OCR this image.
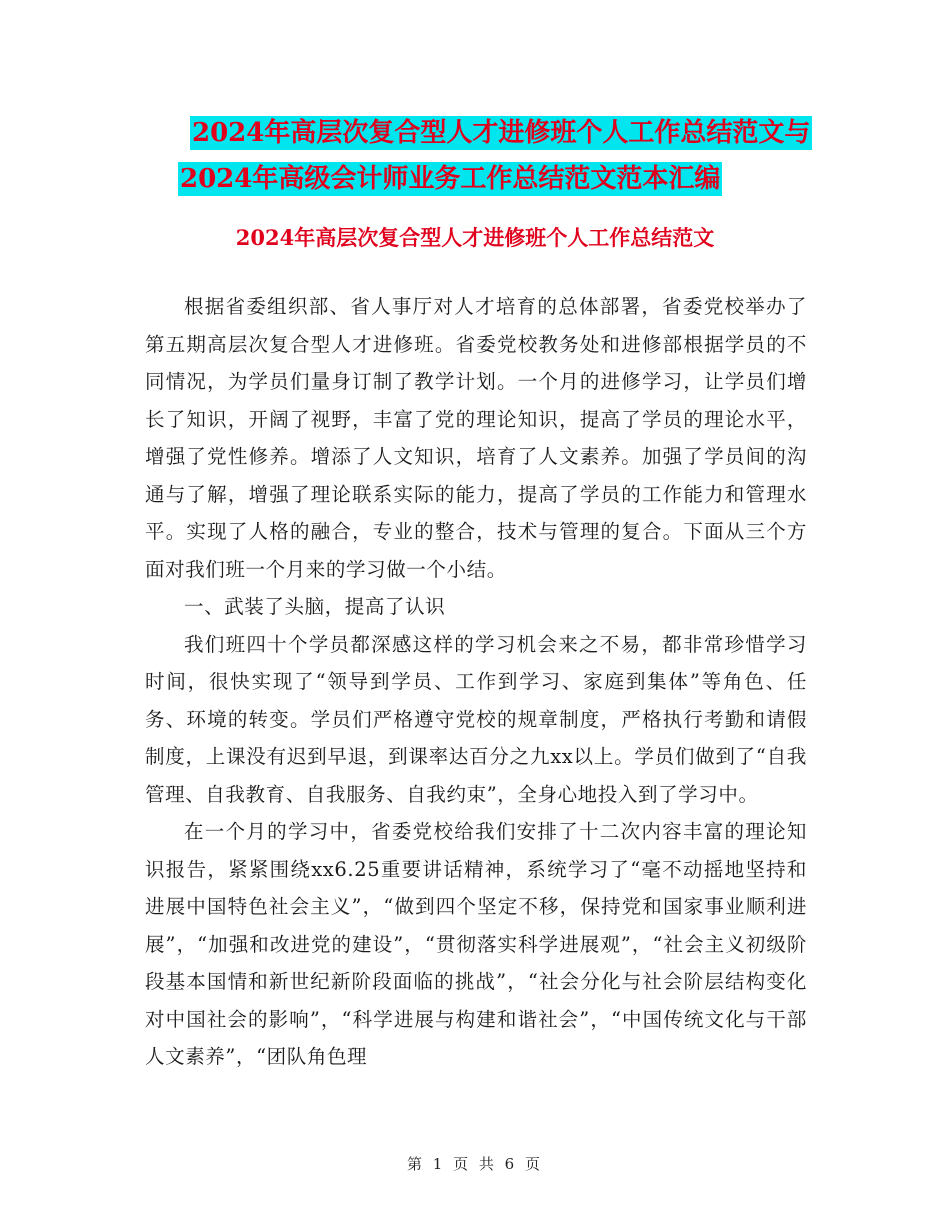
2024年高层次复合型人才进修班个人工作总结范文与
2024年高级会计师业务工作总结范文范本汇编
2024年高层次复合型人才进修班个人工作总结范文

根据省委组织部、省人事厅对人才培育的总体部署，省委党校举办了第五期高层次复合型人才进修班。省委党校教务处和进修部根据学员的不同情况，为学员们量身订制了教学计划。一个月的进修学习，让学员们增长了知识，开阔了视野，丰富了党的理论知识，提高了学员的理论水平，增强了党性修养。增添了人文知识，培育了人文素养。加强了学员间的沟通与了解，增强了理论联系实际的能力，提高了学员的工作能力和管理水平。实现了人格的融合，专业的整合，技术与管理的复合。下面从三个方面对我们班一个月来的学习做一个小结。

一、武装了头脑，提高了认识

我们班四十个学员都深感这样的学习机会来之不易，都非常珍惜学习时间，很快实现了“领导到学员、工作到学习、家庭到集体”等角色、任务、环境的转变。学员们严格遵守党校的规章制度，严格执行考勤和请假制度，上课没有迟到早退，到课率达百分之九xx以上。学员们做到了“自我管理、自我教育、自我服务、自我约束”，全身心地投入到了学习中。

在一个月的学习中，省委党校给我们安排了十二次内容丰富的理论知识报告，紧紧围绕xx6.25重要讲话精神，系统学习了“毫不动摇地坚持和进展中国特色社会主义”，“做到四个坚定不移，保持党和国家事业顺利进展”，“加强和改进党的建设”，“贯彻落实科学进展观”，“社会主义初级阶段基本国情和新世纪新阶段面临的挑战”，“社会分化与社会阶层结构变化对中国社会的影响”，“科学进展与构建和谐社会”，“中国传统文化与干部人文素养”，“团队角色理

第 1 页 共 6 页
